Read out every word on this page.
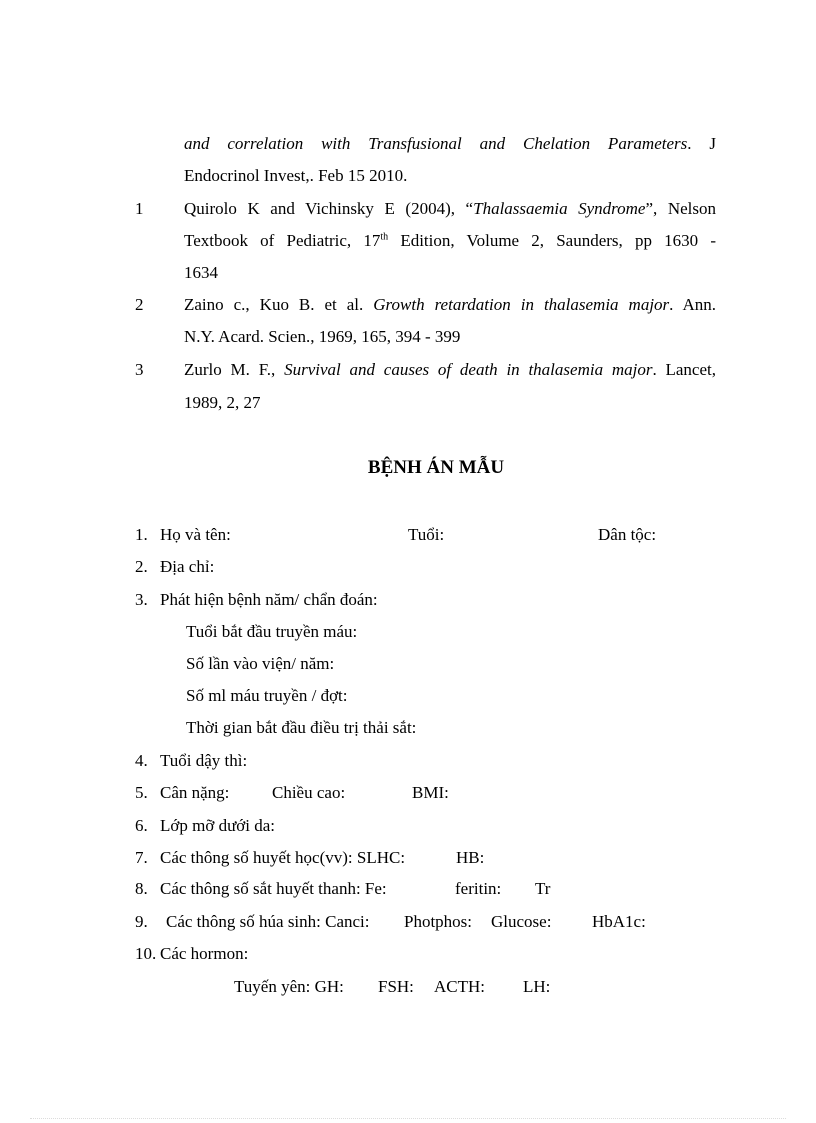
and correlation with Transfusional and Chelation Parameters. J
Endocrinol Invest,. Feb 15 2010.
1 Quirolo K and Vichinsky E (2004), “Thalassaemia Syndrome”, Nelson
Textbook of Pediatric, 17th Edition, Volume 2, Saunders, pp 1630 -
1634
2 Zaino c., Kuo B. et al. Growth retardation in thalasemia major. Ann.
N.Y. Acard. Scien., 1969, 165, 394 - 399
3 Zurlo M. F., Survival and causes of death in thalasemia major. Lancet,
1989, 2, 27
BỆNH ÁN MẪU
1. Họ và tên:	Tuổi:	Dân tộc:
2. Địa chỉ:
3. Phát hiện bệnh năm/ chẩn đoán:
Tuổi bắt đầu truyền máu:
Số lần vào viện/ năm:
Số ml máu truyền / đợt:
Thời gian bắt đầu điều trị thải sắt:
4. Tuổi dậy thì:
5. Cân nặng:	Chiều cao:	BMI:
6. Lớp mỡ dưới da:
7. Các thông số huyết học(vv): SLHC:	HB:
8. Các thông số sắt huyết thanh: Fe:	feritin: Tr
9. Các thông số húa sinh: Canci: Photphos: Glucose: HbA1c:
10. Các hormon:
Tuyến yên: GH: FSH: ACTH: LH:
